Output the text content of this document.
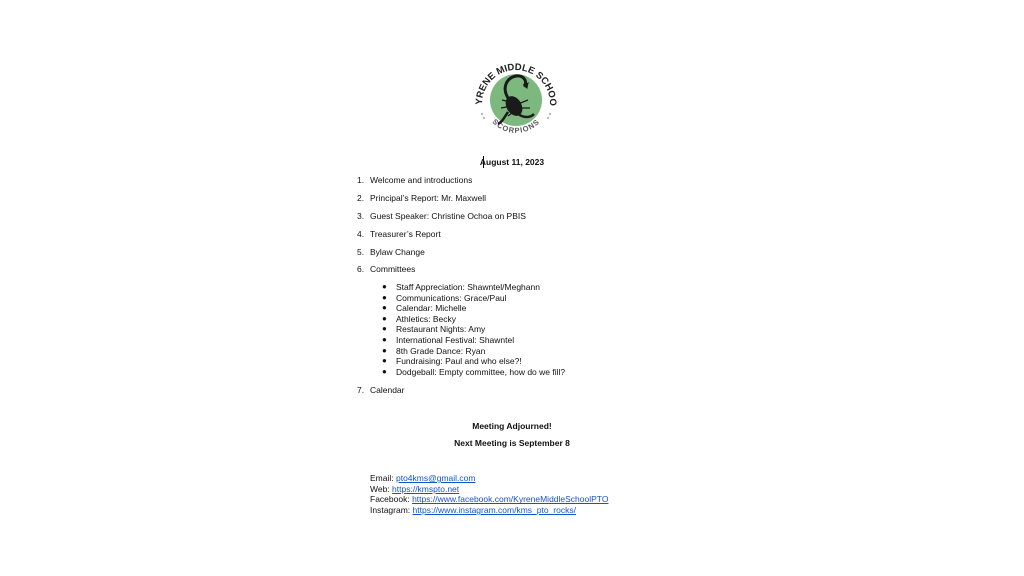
YRENE MIDDLE SCHOO
SCORPIONS
August 11, 2023
1. Welcome and introductions
2. Principal’s Report: Mr. Maxwell
3. Guest Speaker: Christine Ochoa on PBIS
4. Treasurer’s Report
5. Bylaw Change
6. Committees
● Staff Appreciation: Shawntel/Meghann
● Communications: Grace/Paul
● Calendar: Michelle
● Athletics: Becky
● Restaurant Nights: Amy
● International Festival: Shawntel
● 8th Grade Dance: Ryan
● Fundraising: Paul and who else?!
● Dodgeball: Empty committee, how do we fill?
7. Calendar
Meeting Adjourned!
Next Meeting is September 8
Email: pto4kms@gmail.com
Web: https://kmspto.net
Facebook: https://www.facebook.com/KyreneMiddleSchoolPTO
Instagram: https://www.instagram.com/kms_pto_rocks/
